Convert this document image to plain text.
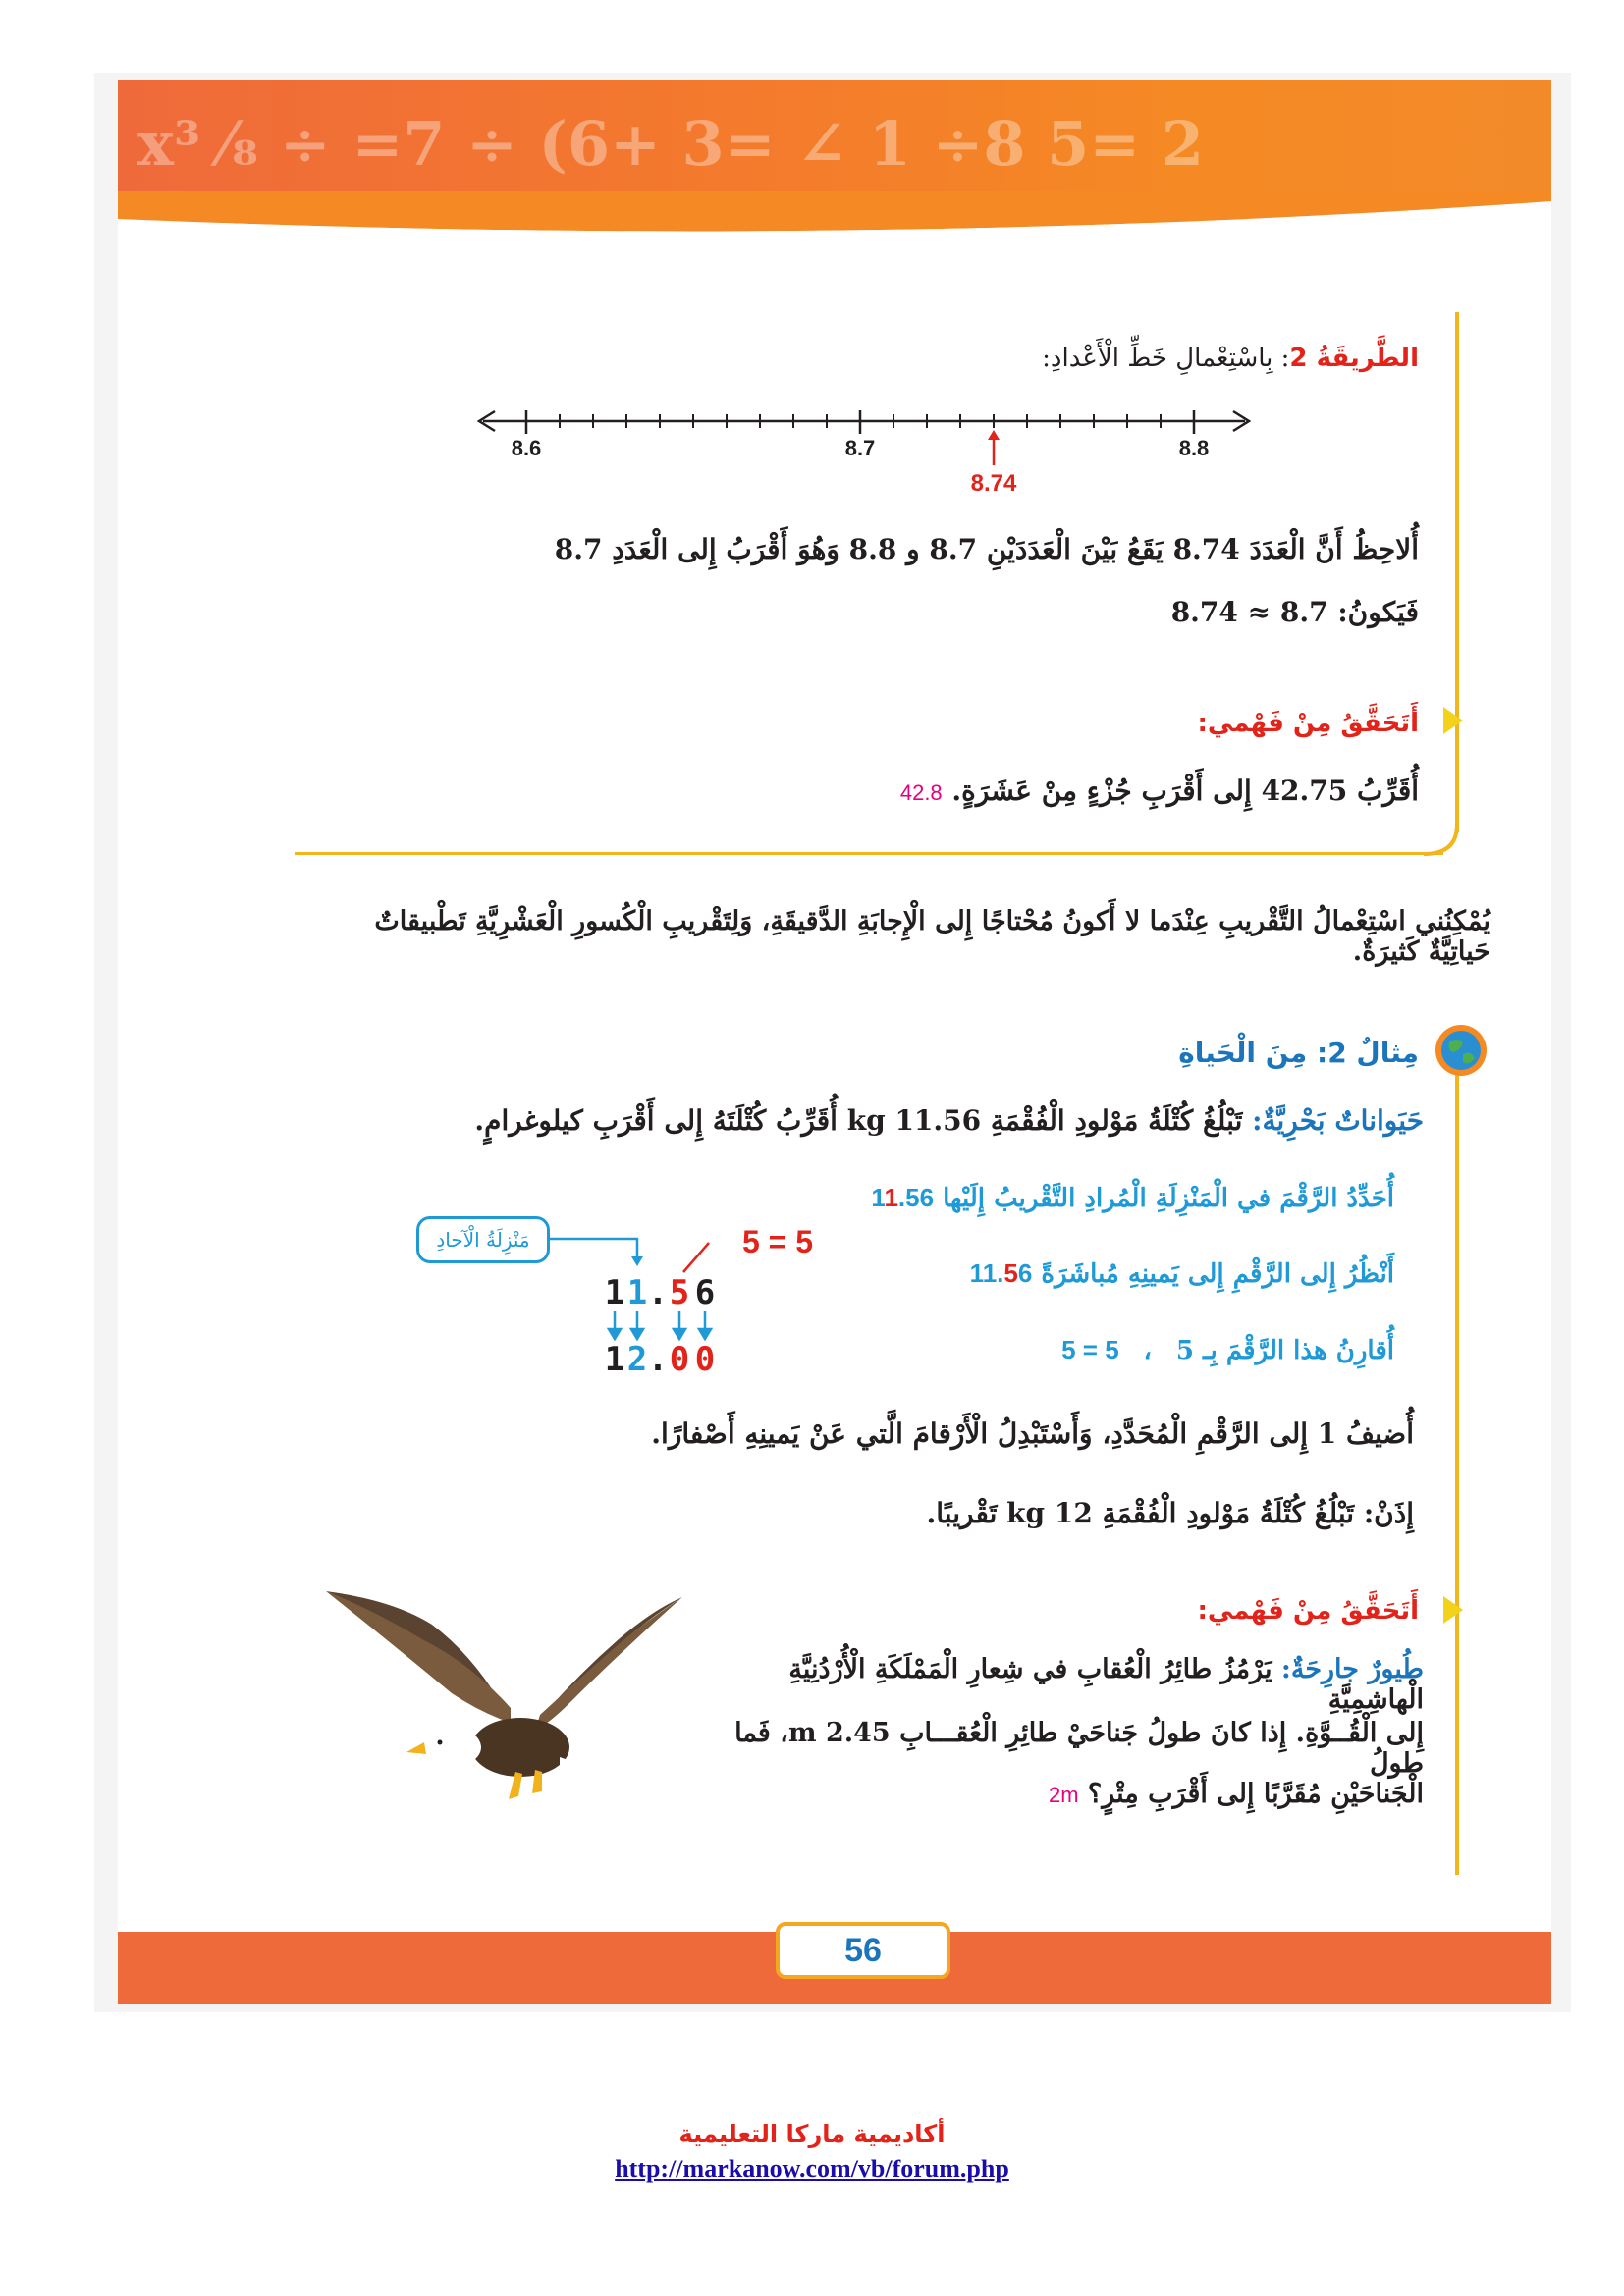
x³ ⁄₈ ÷ =7 ÷ (6+ 3= ∠ 1 ÷8 5= 2
الطَّريقَةُ 2: بِاسْتِعْمالِ خَطِّ الْأَعْدادِ:
8.6	8.7	8.8
8.74
أُلاحِظُ أَنَّ الْعَدَدَ 8.74 يَقَعُ بَيْنَ الْعَدَدَيْنِ 8.7 و 8.8 وَهُوَ أَقْرَبُ إِلى الْعَدَدِ 8.7
فَيَكونُ: 8.7 ≈ 8.74
أَتَحَقَّقُ مِنْ فَهْمي:
أُقَرِّبُ 42.75 إِلى أَقْرَبِ جُزْءٍ مِنْ عَشَرَةٍ. 42.8
يُمْكِنُني اسْتِعْمالُ التَّقْريبِ عِنْدَما لا أَكونُ مُحْتاجًا إِلى الْإِجابَةِ الدَّقيقَةِ، وَلِتَقْريبِ الْكُسورِ الْعَشْرِيَّةِ تَطْبيقاتٌ حَياتِيَّةٌ كَثيرَةٌ.
مِثالٌ 2: مِنَ الْحَياةِ
حَيَواناتٌ بَحْرِيَّةٌ: تَبْلُغُ كُتْلَةُ مَوْلودِ الْفُقْمَةِ 11.56 kg أُقَرِّبُ كُتْلَتَهُ إِلى أَقْرَبِ كيلوغرامٍ.
أُحَدِّدُ الرَّقْمَ في الْمَنْزِلَةِ الْمُرادِ التَّقْريبُ إِلَيْها 11.56
أَنْظُرُ إِلى الرَّقْمِ إِلى يَمينِهِ مُباشَرَةً 11.56
أُقارِنُ هذا الرَّقْمَ بِـ 5 ، 5 = 5
مَنْزِلَةُ الْآحادِ	5 = 5
1 1 . 5 6
1 2 . 0 0
أُضيفُ 1 إِلى الرَّقْمِ الْمُحَدَّدِ، وَأَسْتَبْدِلُ الْأَرْقامَ الَّتي عَنْ يَمينِهِ أَصْفارًا.
إِذَنْ: تَبْلُغُ كُتْلَةُ مَوْلودِ الْفُقْمَةِ 12 kg تَقْريبًا.
أَتَحَقَّقُ مِنْ فَهْمي:
طُيورٌ جارِحَةٌ: يَرْمُزُ طائِرُ الْعُقابِ في شِعارِ الْمَمْلَكَةِ الْأُرْدُنِيَّةِ الْهاشِمِيَّةِ
إِلى الْقُــوَّةِ. إِذا كانَ طولُ جَناحَيْ طائِرِ الْعُقـــابِ 2.45 m، فَما طولُ
الْجَناحَيْنِ مُقَرَّبًا إِلى أَقْرَبِ مِتْرٍ؟ 2m
56
أكاديمية ماركا التعليمية
http://markanow.com/vb/forum.php
